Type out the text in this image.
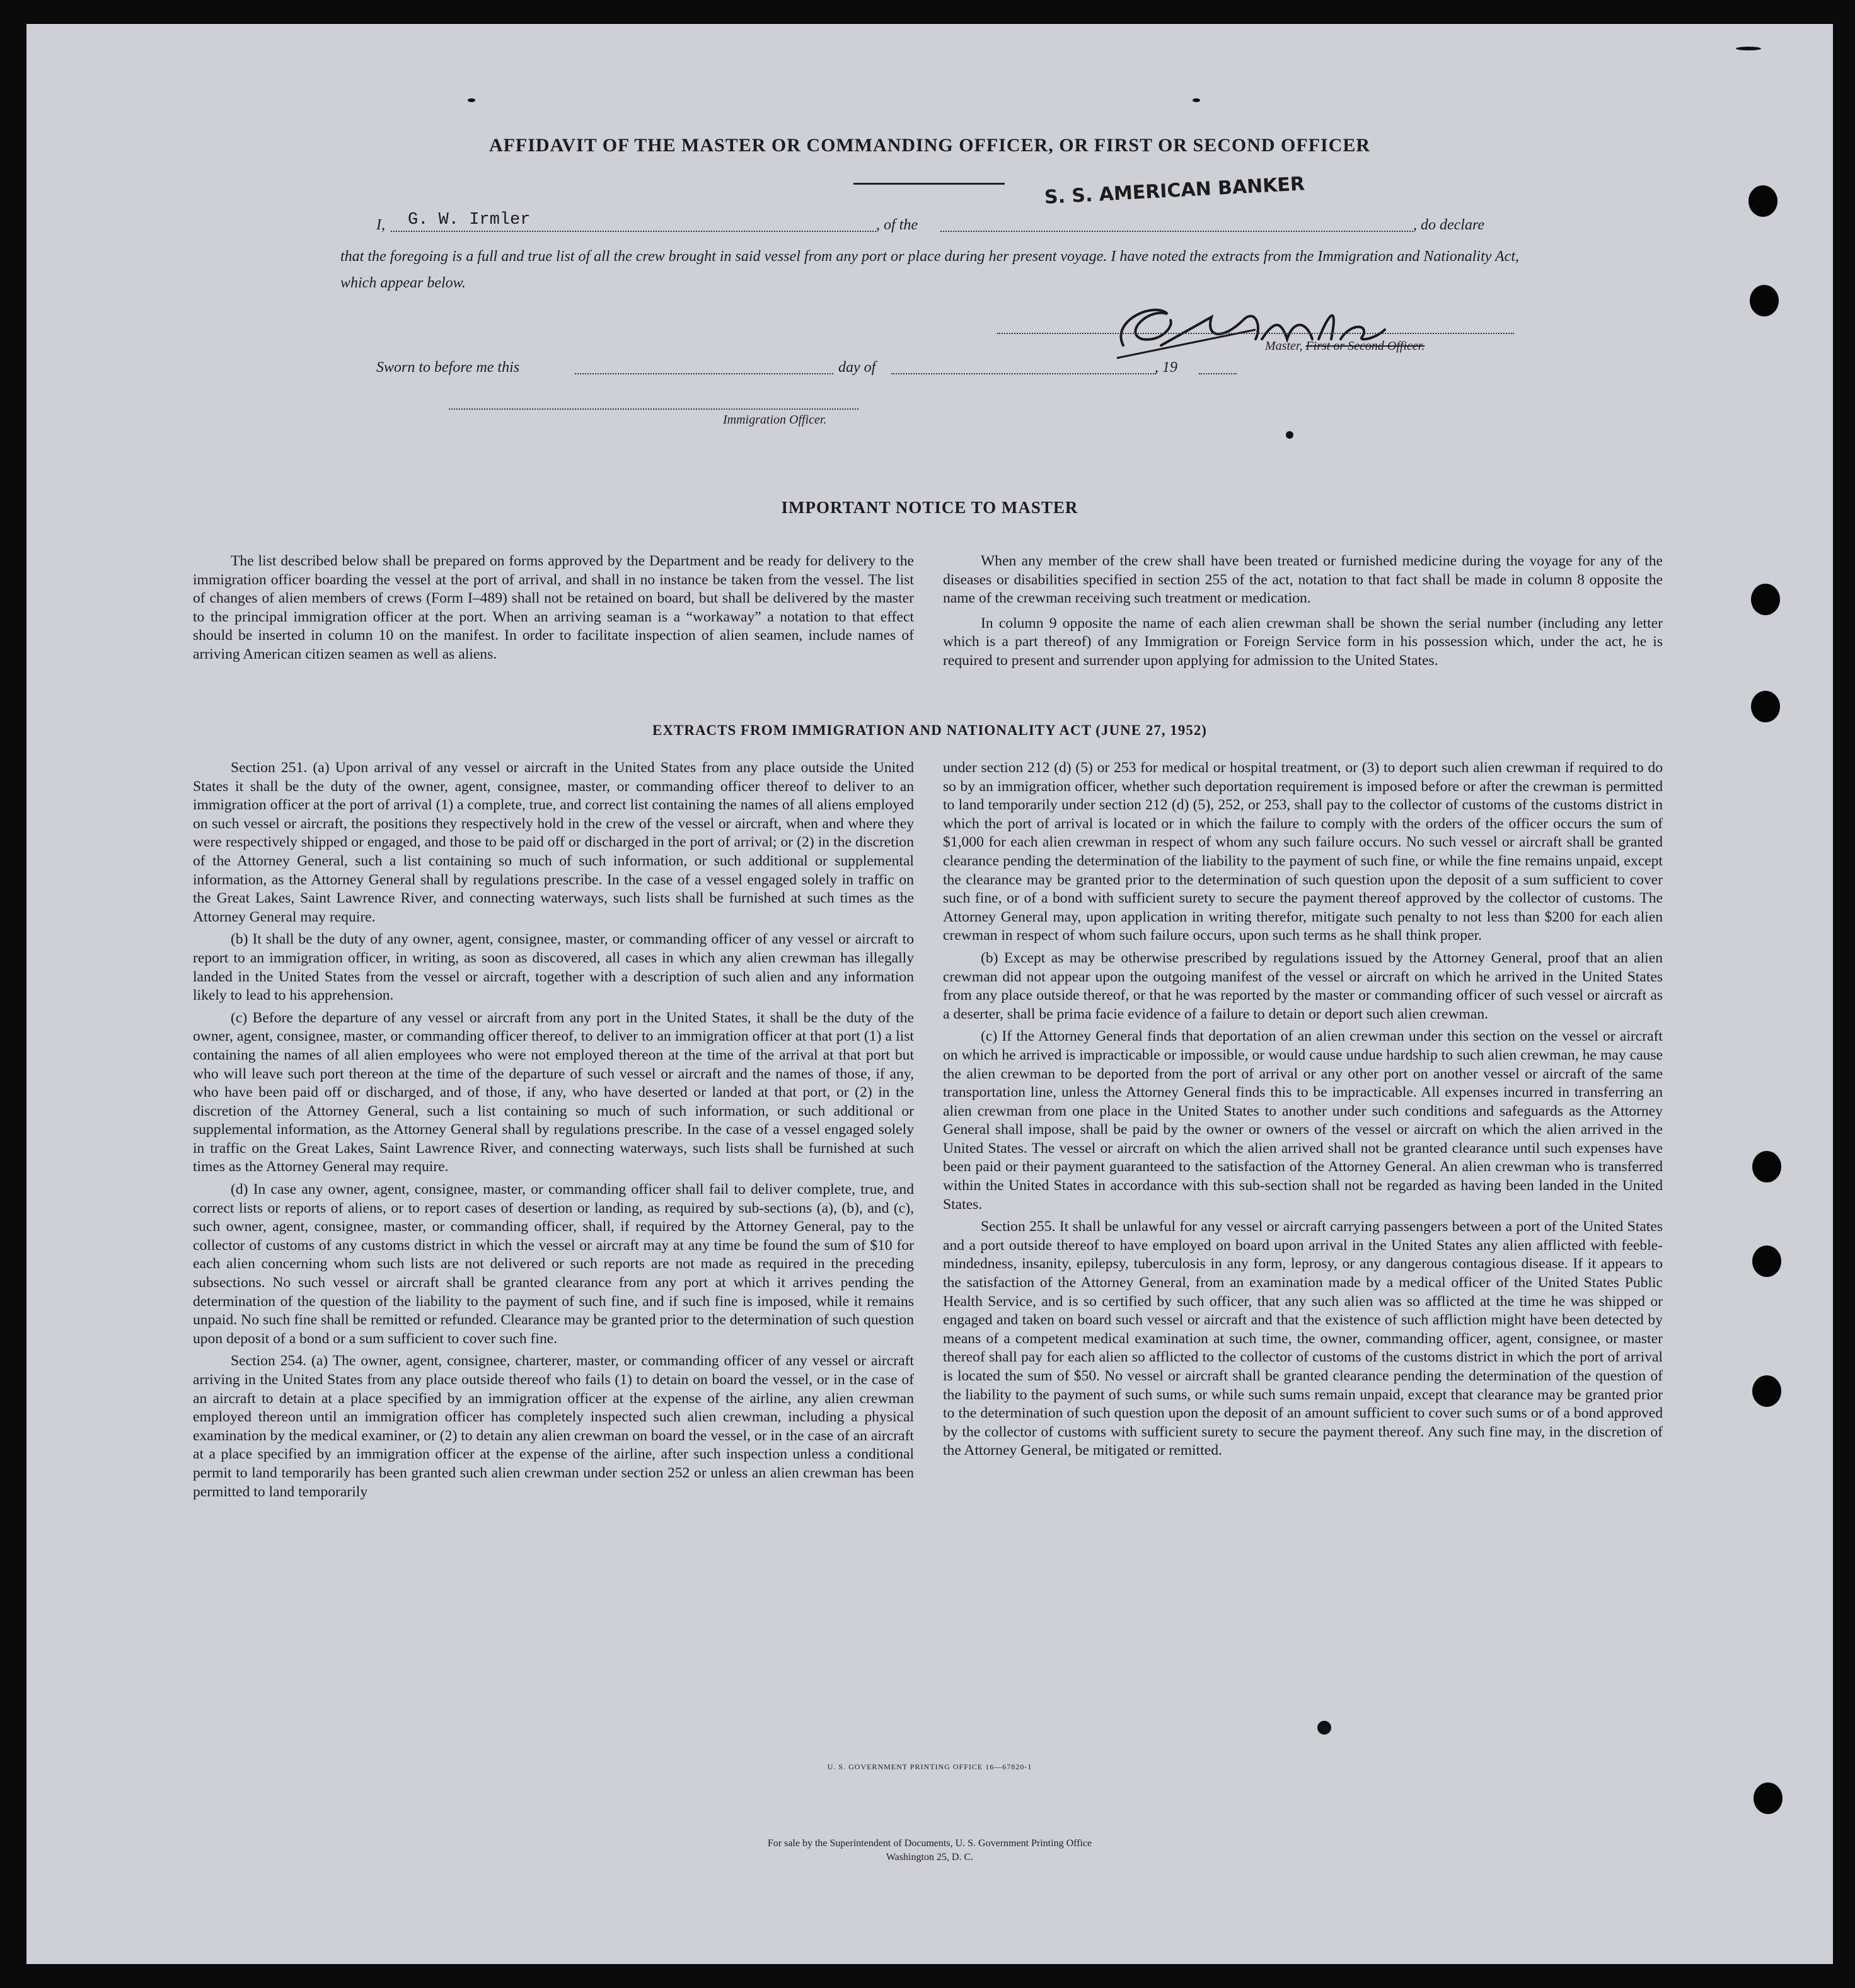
AFFIDAVIT OF THE MASTER OR COMMANDING OFFICER, OR FIRST OR SECOND OFFICER
I, G. W. Irmler	, of the
S. S. AMERICAN BANKER
, do declare
that the foregoing is a full and true list of all the crew brought in said vessel from any port or place during her present voyage. I have noted the extracts from the Immigration and Nationality Act, which appear below.
Master, First or Second Officer.
Sworn to before me this	day of	, 19
Immigration Officer.
IMPORTANT NOTICE TO MASTER

The list described below shall be prepared on forms approved by the Department and be ready for delivery to the immigration officer boarding the vessel at the port of arrival, and shall in no instance be taken from the vessel. The list of changes of alien members of crews (Form I–489) shall not be retained on board, but shall be delivered by the master to the principal immigration officer at the port. When an arriving seaman is a “workaway” a notation to that effect should be inserted in column 10 on the manifest. In order to facilitate inspection of alien seamen, include names of arriving American citizen seamen as well as aliens.

When any member of the crew shall have been treated or furnished medicine during the voyage for any of the diseases or disabilities specified in section 255 of the act, notation to that fact shall be made in column 8 opposite the name of the crewman receiving such treatment or medication.

In column 9 opposite the name of each alien crewman shall be shown the serial number (including any letter which is a part thereof) of any Immigration or Foreign Service form in his possession which, under the act, he is required to present and surrender upon applying for admission to the United States.

EXTRACTS FROM IMMIGRATION AND NATIONALITY ACT (JUNE 27, 1952)

Section 251. (a) Upon arrival of any vessel or aircraft in the United States from any place outside the United States it shall be the duty of the owner, agent, consignee, master, or commanding officer thereof to deliver to an immigration officer at the port of arrival (1) a complete, true, and correct list containing the names of all aliens employed on such vessel or aircraft, the positions they respectively hold in the crew of the vessel or aircraft, when and where they were respectively shipped or engaged, and those to be paid off or discharged in the port of arrival; or (2) in the discretion of the Attorney General, such a list containing so much of such information, or such additional or supplemental information, as the Attorney General shall by regulations prescribe. In the case of a vessel engaged solely in traffic on the Great Lakes, Saint Lawrence River, and connecting waterways, such lists shall be furnished at such times as the Attorney General may require.

(b) It shall be the duty of any owner, agent, consignee, master, or commanding officer of any vessel or aircraft to report to an immigration officer, in writing, as soon as discovered, all cases in which any alien crewman has illegally landed in the United States from the vessel or aircraft, together with a description of such alien and any information likely to lead to his apprehension.

(c) Before the departure of any vessel or aircraft from any port in the United States, it shall be the duty of the owner, agent, consignee, master, or commanding officer thereof, to deliver to an immigration officer at that port (1) a list containing the names of all alien employees who were not employed thereon at the time of the arrival at that port but who will leave such port thereon at the time of the departure of such vessel or aircraft and the names of those, if any, who have been paid off or discharged, and of those, if any, who have deserted or landed at that port, or (2) in the discretion of the Attorney General, such a list containing so much of such information, or such additional or supplemental information, as the Attorney General shall by regulations prescribe. In the case of a vessel engaged solely in traffic on the Great Lakes, Saint Lawrence River, and connecting waterways, such lists shall be furnished at such times as the Attorney General may require.

(d) In case any owner, agent, consignee, master, or commanding officer shall fail to deliver complete, true, and correct lists or reports of aliens, or to report cases of desertion or landing, as required by sub-sections (a), (b), and (c), such owner, agent, consignee, master, or commanding officer, shall, if required by the Attorney General, pay to the collector of customs of any customs district in which the vessel or aircraft may at any time be found the sum of $10 for each alien concerning whom such lists are not delivered or such reports are not made as required in the preceding subsections. No such vessel or aircraft shall be granted clearance from any port at which it arrives pending the determination of the question of the liability to the payment of such fine, and if such fine is imposed, while it remains unpaid. No such fine shall be remitted or refunded. Clearance may be granted prior to the determination of such question upon deposit of a bond or a sum sufficient to cover such fine.

Section 254. (a) The owner, agent, consignee, charterer, master, or commanding officer of any vessel or aircraft arriving in the United States from any place outside thereof who fails (1) to detain on board the vessel, or in the case of an aircraft to detain at a place specified by an immigration officer at the expense of the airline, any alien crewman employed thereon until an immigration officer has completely inspected such alien crewman, including a physical examination by the medical examiner, or (2) to detain any alien crewman on board the vessel, or in the case of an aircraft at a place specified by an immigration officer at the expense of the airline, after such inspection unless a conditional permit to land temporarily has been granted such alien crewman under section 252 or unless an alien crewman has been permitted to land temporarily

under section 212 (d) (5) or 253 for medical or hospital treatment, or (3) to deport such alien crewman if required to do so by an immigration officer, whether such deportation requirement is imposed before or after the crewman is permitted to land temporarily under section 212 (d) (5), 252, or 253, shall pay to the collector of customs of the customs district in which the port of arrival is located or in which the failure to comply with the orders of the officer occurs the sum of $1,000 for each alien crewman in respect of whom any such failure occurs. No such vessel or aircraft shall be granted clearance pending the determination of the liability to the payment of such fine, or while the fine remains unpaid, except the clearance may be granted prior to the determination of such question upon the deposit of a sum sufficient to cover such fine, or of a bond with sufficient surety to secure the payment thereof approved by the collector of customs. The Attorney General may, upon application in writing therefor, mitigate such penalty to not less than $200 for each alien crewman in respect of whom such failure occurs, upon such terms as he shall think proper.

(b) Except as may be otherwise prescribed by regulations issued by the Attorney General, proof that an alien crewman did not appear upon the outgoing manifest of the vessel or aircraft on which he arrived in the United States from any place outside thereof, or that he was reported by the master or commanding officer of such vessel or aircraft as a deserter, shall be prima facie evidence of a failure to detain or deport such alien crewman.

(c) If the Attorney General finds that deportation of an alien crewman under this section on the vessel or aircraft on which he arrived is impracticable or impossible, or would cause undue hardship to such alien crewman, he may cause the alien crewman to be deported from the port of arrival or any other port on another vessel or aircraft of the same transportation line, unless the Attorney General finds this to be impracticable. All expenses incurred in transferring an alien crewman from one place in the United States to another under such conditions and safeguards as the Attorney General shall impose, shall be paid by the owner or owners of the vessel or aircraft on which the alien arrived in the United States. The vessel or aircraft on which the alien arrived shall not be granted clearance until such expenses have been paid or their payment guaranteed to the satisfaction of the Attorney General. An alien crewman who is transferred within the United States in accordance with this sub-section shall not be regarded as having been landed in the United States.

Section 255. It shall be unlawful for any vessel or aircraft carrying passengers between a port of the United States and a port outside thereof to have employed on board upon arrival in the United States any alien afflicted with feeble-mindedness, insanity, epilepsy, tuberculosis in any form, leprosy, or any dangerous contagious disease. If it appears to the satisfaction of the Attorney General, from an examination made by a medical officer of the United States Public Health Service, and is so certified by such officer, that any such alien was so afflicted at the time he was shipped or engaged and taken on board such vessel or aircraft and that the existence of such affliction might have been detected by means of a competent medical examination at such time, the owner, commanding officer, agent, consignee, or master thereof shall pay for each alien so afflicted to the collector of customs of the customs district in which the port of arrival is located the sum of $50. No vessel or aircraft shall be granted clearance pending the determination of the question of the liability to the payment of such sums, or while such sums remain unpaid, except that clearance may be granted prior to the determination of such question upon the deposit of an amount sufficient to cover such sums or of a bond approved by the collector of customs with sufficient surety to secure the payment thereof. Any such fine may, in the discretion of the Attorney General, be mitigated or remitted.

U. S. GOVERNMENT PRINTING OFFICE 16—67820-1
For sale by the Superintendent of Documents, U. S. Government Printing Office
Washington 25, D. C.
